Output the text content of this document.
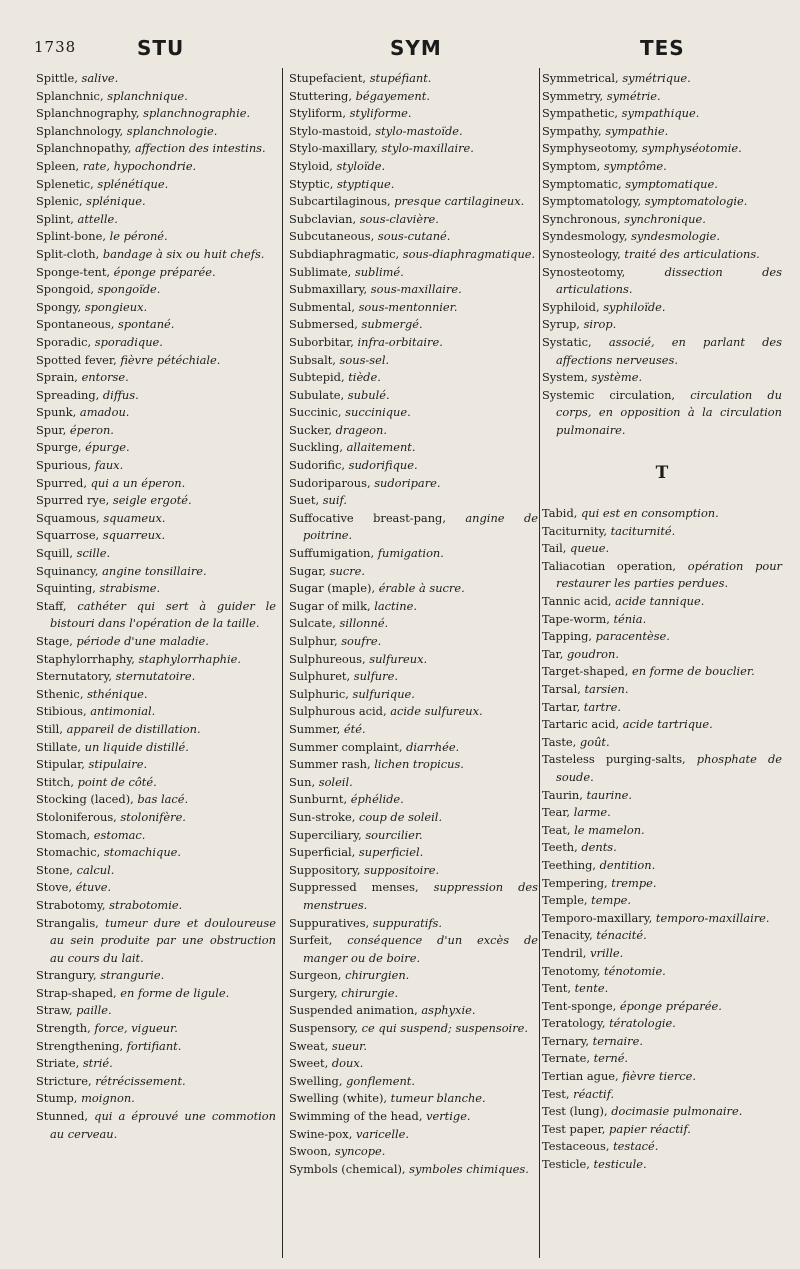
1738	STU	SYM	TES
Spittle, salive.
Splanchnic, splanchnique.
Splanchnography, splanchnographie.
Splanchnology, splanchnologie.
Splanchnopathy, affection des intestins.
Spleen, rate, hypochondrie.
Splenetic, splénétique.
Splenic, splénique.
Splint, attelle.
Splint-bone, le péroné.
Split-cloth, bandage à six ou huit chefs.
Sponge-tent, éponge préparée.
Spongoid, spongoïde.
Spongy, spongieux.
Spontaneous, spontané.
Sporadic, sporadique.
Spotted fever, fièvre pétéchiale.
Sprain, entorse.
Spreading, diffus.
Spunk, amadou.
Spur, éperon.
Spurge, épurge.
Spurious, faux.
Spurred, qui a un éperon.
Spurred rye, seigle ergoté.
Squamous, squameux.
Squarrose, squarreux.
Squill, scille.
Squinancy, angine tonsillaire.
Squinting, strabisme.
Staff, cathéter qui sert à guider le bistouri dans l'opération de la taille.
Stage, période d'une maladie.
Staphylorrhaphy, staphylorrhaphie.
Sternutatory, sternutatoire.
Sthenic, sthénique.
Stibious, antimonial.
Still, appareil de distillation.
Stillate, un liquide distillé.
Stipular, stipulaire.
Stitch, point de côté.
Stocking (laced), bas lacé.
Stoloniferous, stolonifère.
Stomach, estomac.
Stomachic, stomachique.
Stone, calcul.
Stove, étuve.
Strabotomy, strabotomie.
Strangalis, tumeur dure et douloureuse au sein produite par une obstruction au cours du lait.
Strangury, strangurie.
Strap-shaped, en forme de ligule.
Straw, paille.
Strength, force, vigueur.
Strengthening, fortifiant.
Striate, strié.
Stricture, rétrécissement.
Stump, moignon.
Stunned, qui a éprouvé une commotion au cerveau.
Stupefacient, stupéfiant.
Stuttering, bégayement.
Styliform, styliforme.
Stylo-mastoid, stylo-mastoïde.
Stylo-maxillary, stylo-maxillaire.
Styloid, styloïde.
Styptic, styptique.
Subcartilaginous, presque cartilagineux.
Subclavian, sous-clavière.
Subcutaneous, sous-cutané.
Subdiaphragmatic, sous-diaphragmatique.
Sublimate, sublimé.
Submaxillary, sous-maxillaire.
Submental, sous-mentonnier.
Submersed, submergé.
Suborbitar, infra-orbitaire.
Subsalt, sous-sel.
Subtepid, tiède.
Subulate, subulé.
Succinic, succinique.
Sucker, drageon.
Suckling, allaitement.
Sudorific, sudorifique.
Sudoriparous, sudoripare.
Suet, suif.
Suffocative breast-pang, angine de poitrine.
Suffumigation, fumigation.
Sugar, sucre.
Sugar (maple), érable à sucre.
Sugar of milk, lactine.
Sulcate, sillonné.
Sulphur, soufre.
Sulphureous, sulfureux.
Sulphuret, sulfure.
Sulphuric, sulfurique.
Sulphurous acid, acide sulfureux.
Summer, été.
Summer complaint, diarrhée.
Summer rash, lichen tropicus.
Sun, soleil.
Sunburnt, éphélide.
Sun-stroke, coup de soleil.
Superciliary, sourcilier.
Superficial, superficiel.
Suppository, suppositoire.
Suppressed menses, suppression des menstrues.
Suppuratives, suppuratifs.
Surfeit, conséquence d'un excès de manger ou de boire.
Surgeon, chirurgien.
Surgery, chirurgie.
Suspended animation, asphyxie.
Suspensory, ce qui suspend; suspensoire.
Sweat, sueur.
Sweet, doux.
Swelling, gonflement.
Swelling (white), tumeur blanche.
Swimming of the head, vertige.
Swine-pox, varicelle.
Swoon, syncope.
Symbols (chemical), symboles chimiques.
Symmetrical, symétrique.
Symmetry, symétrie.
Sympathetic, sympathique.
Sympathy, sympathie.
Symphyseotomy, symphyséotomie.
Symptom, symptôme.
Symptomatic, symptomatique.
Symptomatology, symptomatologie.
Synchronous, synchronique.
Syndesmology, syndesmologie.
Synosteology, traité des articulations.
Synosteotomy, dissection des articulations.
Syphiloid, syphiloïde.
Syrup, sirop.
Systatic, associé, en parlant des affections nerveuses.
System, système.
Systemic circulation, circulation du corps, en opposition à la circulation pulmonaire.
T
Tabid, qui est en consomption.
Taciturnity, taciturnité.
Tail, queue.
Taliacotian operation, opération pour restaurer les parties perdues.
Tannic acid, acide tannique.
Tape-worm, ténia.
Tapping, paracentèse.
Tar, goudron.
Target-shaped, en forme de bouclier.
Tarsal, tarsien.
Tartar, tartre.
Tartaric acid, acide tartrique.
Taste, goût.
Tasteless purging-salts, phosphate de soude.
Taurin, taurine.
Tear, larme.
Teat, le mamelon.
Teeth, dents.
Teething, dentition.
Tempering, trempe.
Temple, tempe.
Temporo-maxillary, temporo-maxillaire.
Tenacity, ténacité.
Tendril, vrille.
Tenotomy, ténotomie.
Tent, tente.
Tent-sponge, éponge préparée.
Teratology, tératologie.
Ternary, ternaire.
Ternate, terné.
Tertian ague, fièvre tierce.
Test, réactif.
Test (lung), docimasie pulmonaire.
Test paper, papier réactif.
Testaceous, testacé.
Testicle, testicule.
